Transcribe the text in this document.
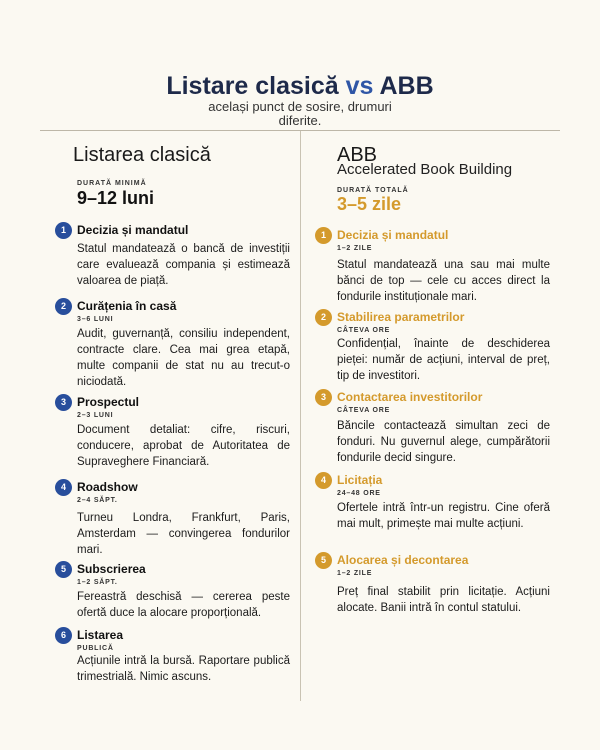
Listare clasică vs ABB
același punct de sosire, drumuri
diferite.
Listarea clasică
DURATĂ MINIMĂ
9–12 luni
1 Decizia și mandatul
Statul mandatează o bancă de investiții care evaluează compania și estimează valoarea de piață.
2 Curățenia în casă
3–6 LUNI
Audit, guvernanță, consiliu independent, contracte clare. Cea mai grea etapă, multe companii de stat nu au trecut-o niciodată.
3 Prospectul
2–3 LUNI
Document detaliat: cifre, riscuri, conducere, aprobat de Autoritatea de Supraveghere Financiară.
4 Roadshow
2–4 SĂPT.
Turneu Londra, Frankfurt, Paris, Amsterdam — convingerea fondurilor mari.
5 Subscrierea
1–2 SĂPT.
Fereastră deschisă — cererea peste ofertă duce la alocare proporțională.
6 Listarea
PUBLICĂ
Acțiunile intră la bursă. Raportare publică trimestrială. Nimic ascuns.
ABB
Accelerated Book Building
DURATĂ TOTALĂ
3–5 zile
1 Decizia și mandatul
1–2 ZILE
Statul mandatează una sau mai multe bănci de top — cele cu acces direct la fondurile instituționale mari.
2 Stabilirea parametrilor
CÂTEVA ORE
Confidențial, înainte de deschiderea pieței: număr de acțiuni, interval de preț, tip de investitori.
3 Contactarea investitorilor
CÂTEVA ORE
Băncile contactează simultan zeci de fonduri. Nu guvernul alege, cumpărătorii fondurile decid singure.
4 Licitația
24–48 ORE
Ofertele intră într-un registru. Cine oferă mai mult, primește mai multe acțiuni.
5 Alocarea și decontarea
1–2 ZILE
Preț final stabilit prin licitație. Acțiuni alocate. Banii intră în contul statului.
